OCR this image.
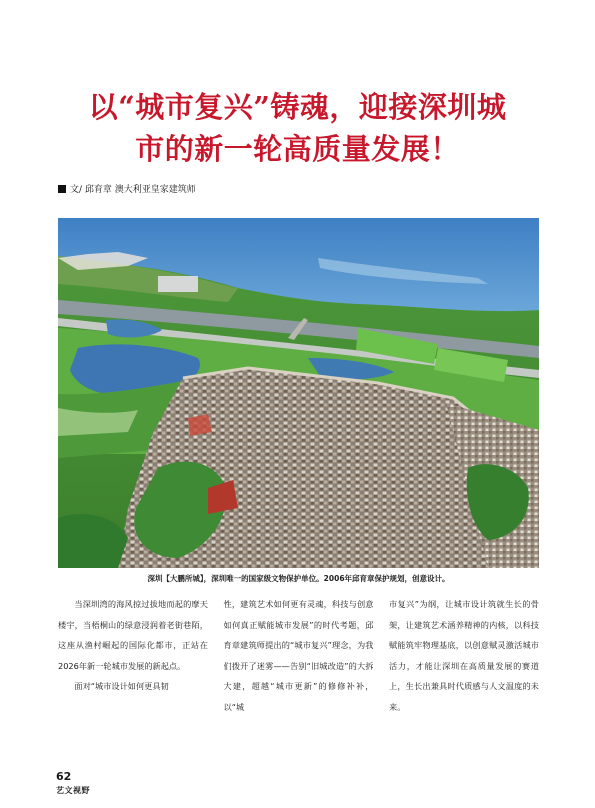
以“城市复兴”铸魂，迎接深圳城
市的新一轮高质量发展！
文/ 邱育章 澳大利亚皇家建筑师
深圳【大鹏所城】，深圳唯一的国家级文物保护单位。2006年邱育章保护规划，创意设计。

当深圳湾的海风掠过拔地而起的摩天楼宇，当梧桐山的绿意浸润着老街巷陌，这座从渔村崛起的国际化都市，正站在2026年新一轮城市发展的新起点。

面对“城市设计如何更具韧

性，建筑艺术如何更有灵魂，科技与创意如何真正赋能城市发展”的时代考题，邱育章建筑师提出的“城市复兴”理念，为我们拨开了迷雾——告别“旧城改造”的大拆大建，超越“城市更新”的修修补补，以“城

市复兴”为纲，让城市设计筑就生长的骨架，让建筑艺术涵养精神的内核，以科技赋能筑牢物理基底，以创意赋灵激活城市活力，才能让深圳在高质量发展的赛道上，生长出兼具时代质感与人文温度的未来。

62
艺文视野
